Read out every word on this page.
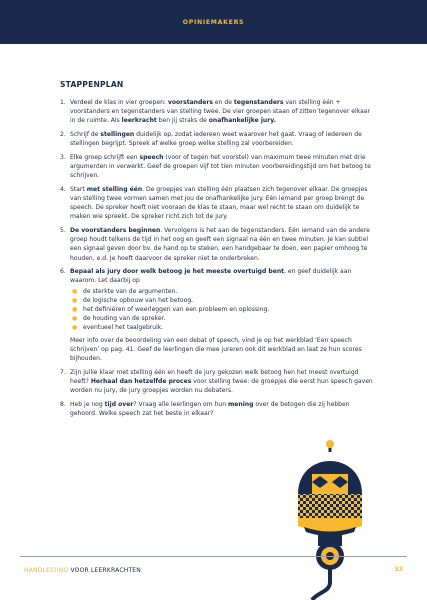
OPINIEMAKERS
STAPPENPLAN
1. Verdeel de klas in vier groepen: voorstanders en de tegenstanders van stelling één + voorstanders en tegenstanders van stelling twee. De vier groepen staan of zitten tegenover elkaar in de ruimte. Als leerkracht ben jij straks de onafhankelijke jury.

2. Schrijf de stellingen duidelijk op, zodat iedereen weet waarover het gaat. Vraag of iedereen de stellingen begrijpt. Spreek af welke groep welke stelling zal voorbereiden.

3. Elke groep schrijft een speech (voor of tegen het voorstel) van maximum twee minuten met drie argumenten in verwerkt. Geef de groepen vijf tot tien minuten voorbereidingstijd om het betoog te schrijven.

4. Start met stelling één. De groepjes van stelling één plaatsen zich tegenover elkaar. De groepjes van stelling twee vormen samen met jou de onafhankelijke jury. Eén iemand per groep brengt de speech. De spreker hoeft niet vooraan de klas te staan, maar wel recht te staan om duidelijk te maken wie spreekt. De spreker richt zich tot de jury.

5. De voorstanders beginnen. Vervolgens is het aan de tegenstanders. Eén iemand van de andere groep houdt telkens de tijd in het oog en geeft een signaal na één en twee minuten. Je kan subtiel een signaal geven door bv. de hand op te steken, een handgebaar te doen, een papier omhoog te houden, e.d. Je hoeft daarvoor de spreker niet te onderbreken.

6. Bepaal als jury door welk betoog je het meeste overtuigd bent, en geef duidelijk aan waarom. Let daarbij op

● de sterkte van de argumenten.
● de logische opbouw van het betoog.
● het definiëren of weerleggen van een probleem en oplossing.
● de houding van de spreker.
● eventueel het taalgebruik.

Meer info over de beoordeling van een debat of speech, vind je op het werkblad ‘Een speech schrijven’ op pag. 41. Geef de leerlingen die mee jureren ook dit werkblad en laat ze hun scores bijhouden.

7. Zijn jullie klaar met stelling één en heeft de jury gekozen welk betoog hen het meest overtuigd heeft? Herhaal dan hetzelfde proces voor stelling twee: de groepjes die eerst hun speech gaven worden nu jury, de jury groepjes worden nu debaters.

8. Heb je nog tijd over? Vraag alle leerlingen om hun mening over de betogen die zij hebben gehoord. Welke speech zat het beste in elkaar?

HANDLEIDING VOOR LEERKRACHTEN	33
